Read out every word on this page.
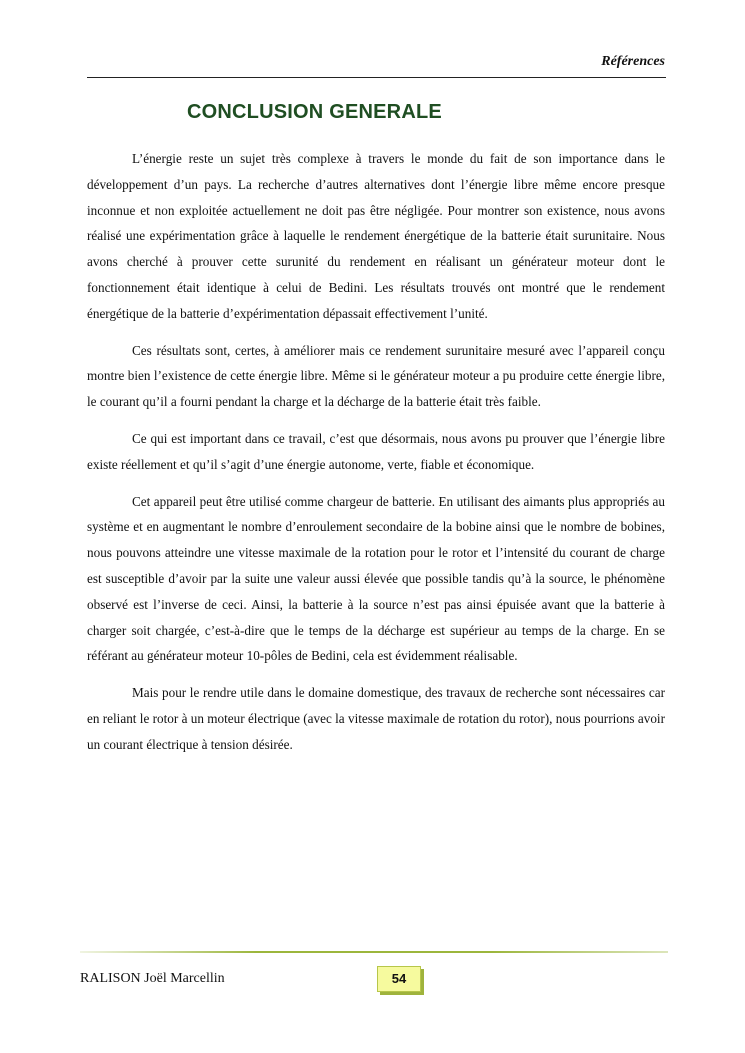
Références
CONCLUSION GENERALE

L’énergie reste un sujet très complexe à travers le monde du fait de son importance dans le développement d’un pays. La recherche d’autres alternatives dont l’énergie libre même encore presque inconnue et non exploitée actuellement ne doit pas être négligée. Pour montrer son existence, nous avons réalisé une expérimentation grâce à laquelle le rendement énergétique de la batterie était surunitaire. Nous avons cherché à prouver cette surunité du rendement en réalisant un générateur moteur dont le fonctionnement était identique à celui de Bedini. Les résultats trouvés ont montré que le rendement énergétique de la batterie d’expérimentation dépassait effectivement l’unité.

Ces résultats sont, certes, à améliorer mais ce rendement surunitaire mesuré avec l’appareil conçu montre bien l’existence de cette énergie libre. Même si le générateur moteur a pu produire cette énergie libre, le courant qu’il a fourni pendant la charge et la décharge de la batterie était très faible.

Ce qui est important dans ce travail, c’est que désormais, nous avons pu prouver que l’énergie libre existe réellement et qu’il s’agit d’une énergie autonome, verte, fiable et économique.

Cet appareil peut être utilisé comme chargeur de batterie. En utilisant des aimants plus appropriés au système et en augmentant le nombre d’enroulement secondaire de la bobine ainsi que le nombre de bobines, nous pouvons atteindre une vitesse maximale de la rotation pour le rotor et l’intensité du courant de charge est susceptible d’avoir par la suite une valeur aussi élevée que possible tandis qu’à la source, le phénomène observé est l’inverse de ceci. Ainsi, la batterie à la source n’est pas ainsi épuisée avant que la batterie à charger soit chargée, c’est-à-dire que le temps de la décharge est supérieur au temps de la charge. En se référant au générateur moteur 10-pôles de Bedini, cela est évidemment réalisable.

Mais pour le rendre utile dans le domaine domestique, des travaux de recherche sont nécessaires car en reliant le rotor à un moteur électrique (avec la vitesse maximale de rotation du rotor), nous pourrions avoir un courant électrique à tension désirée.

RALISON Joël Marcellin	54
